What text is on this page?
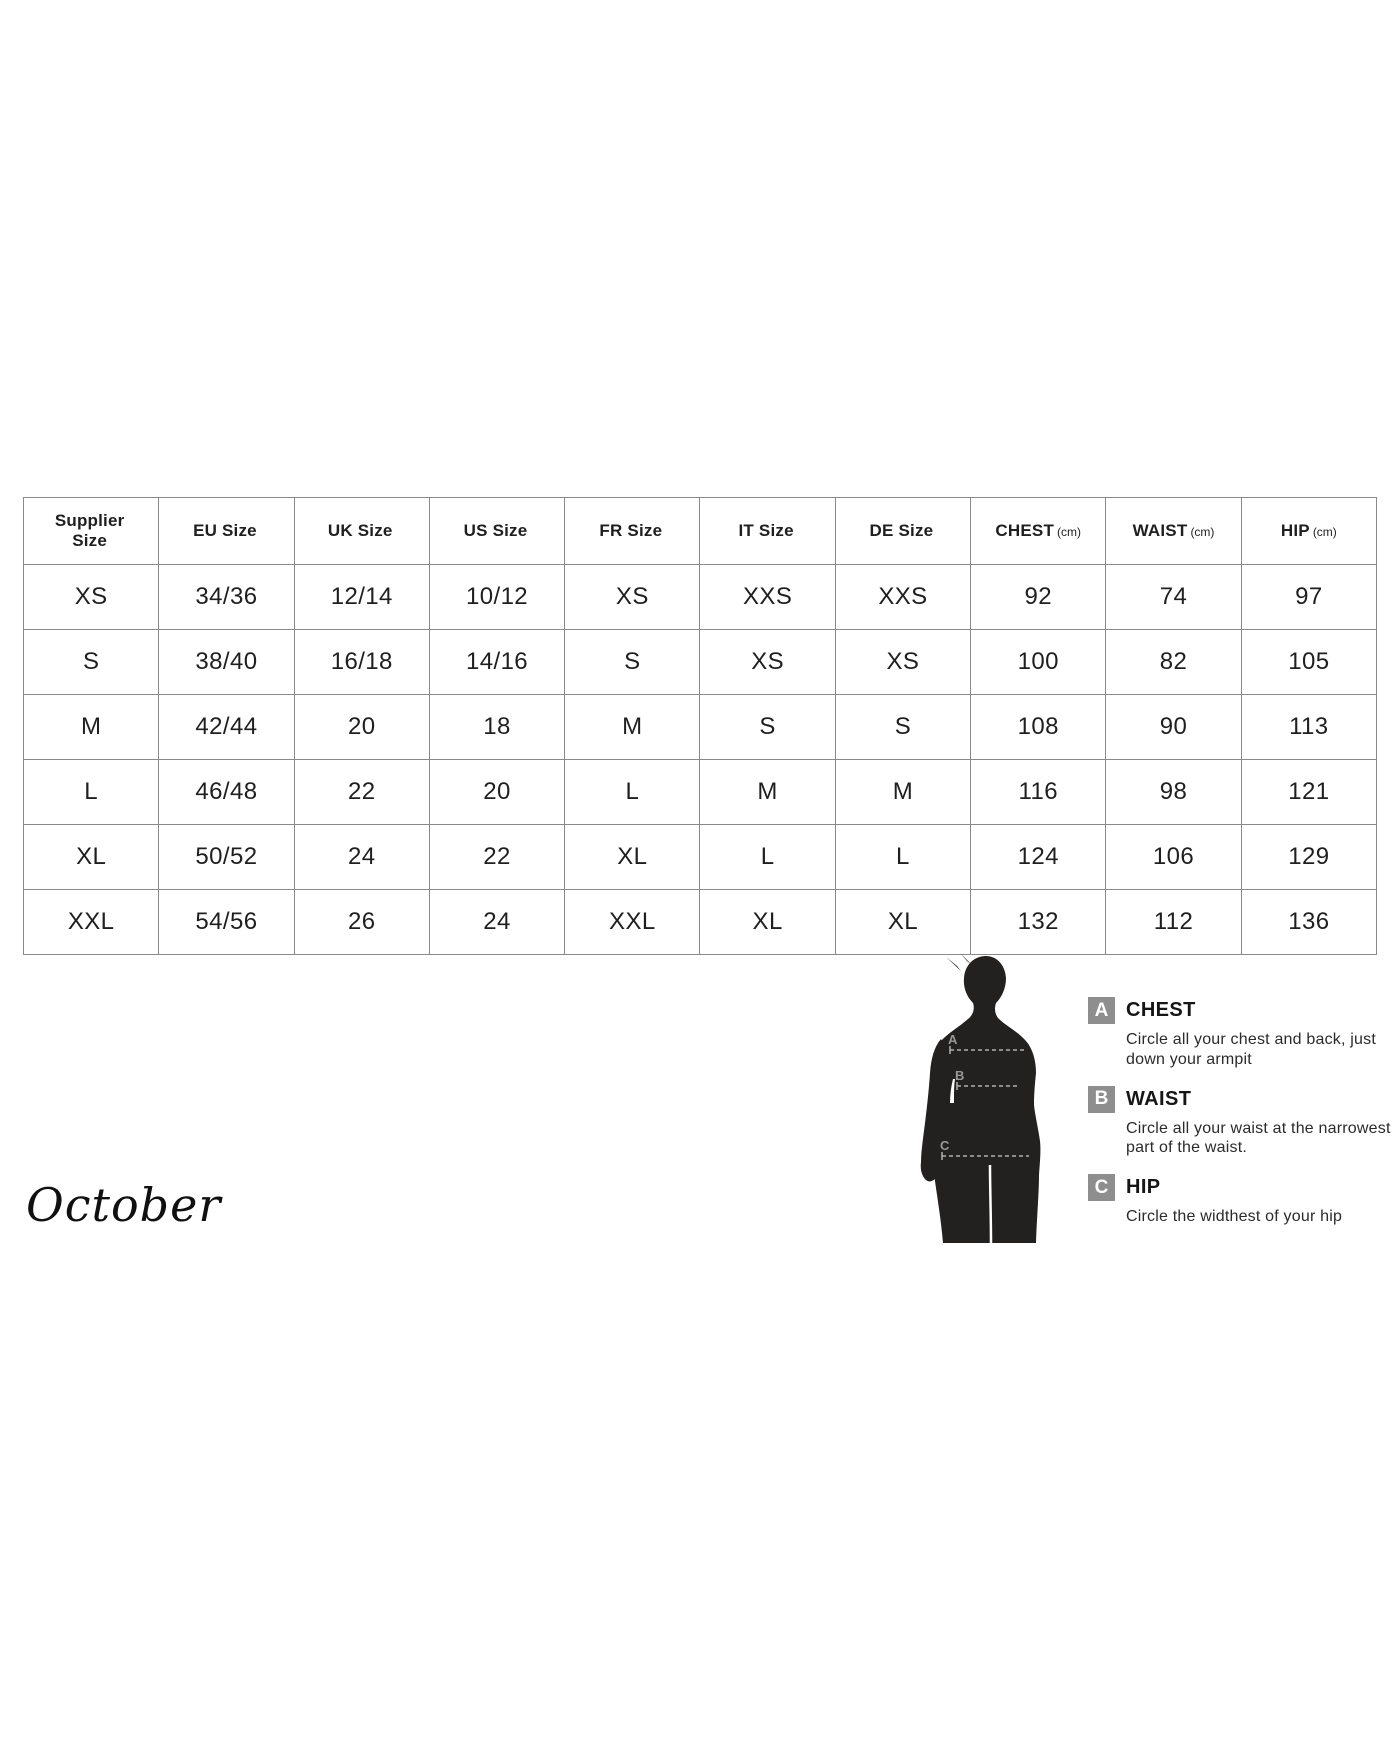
Supplier Size	EU Size	UK Size	US Size	FR Size	IT Size	DE Size	CHEST (cm)	WAIST (cm)	HIP (cm)
XS	34/36	12/14	10/12	XS	XXS	XXS	92	74	97
S	38/40	16/18	14/16	S	XS	XS	100	82	105
M	42/44	20	18	M	S	S	108	90	113
L	46/48	22	20	L	M	M	116	98	121
XL	50/52	24	22	XL	L	L	124	106	129
XXL	54/56	26	24	XXL	XL	XL	132	112	136
A
B
C
A CHEST
Circle all your chest and back, just down your armpit
B WAIST
Circle all your waist at the narrowest part of the waist.
C HIP
Circle the widthest of your hip
October
